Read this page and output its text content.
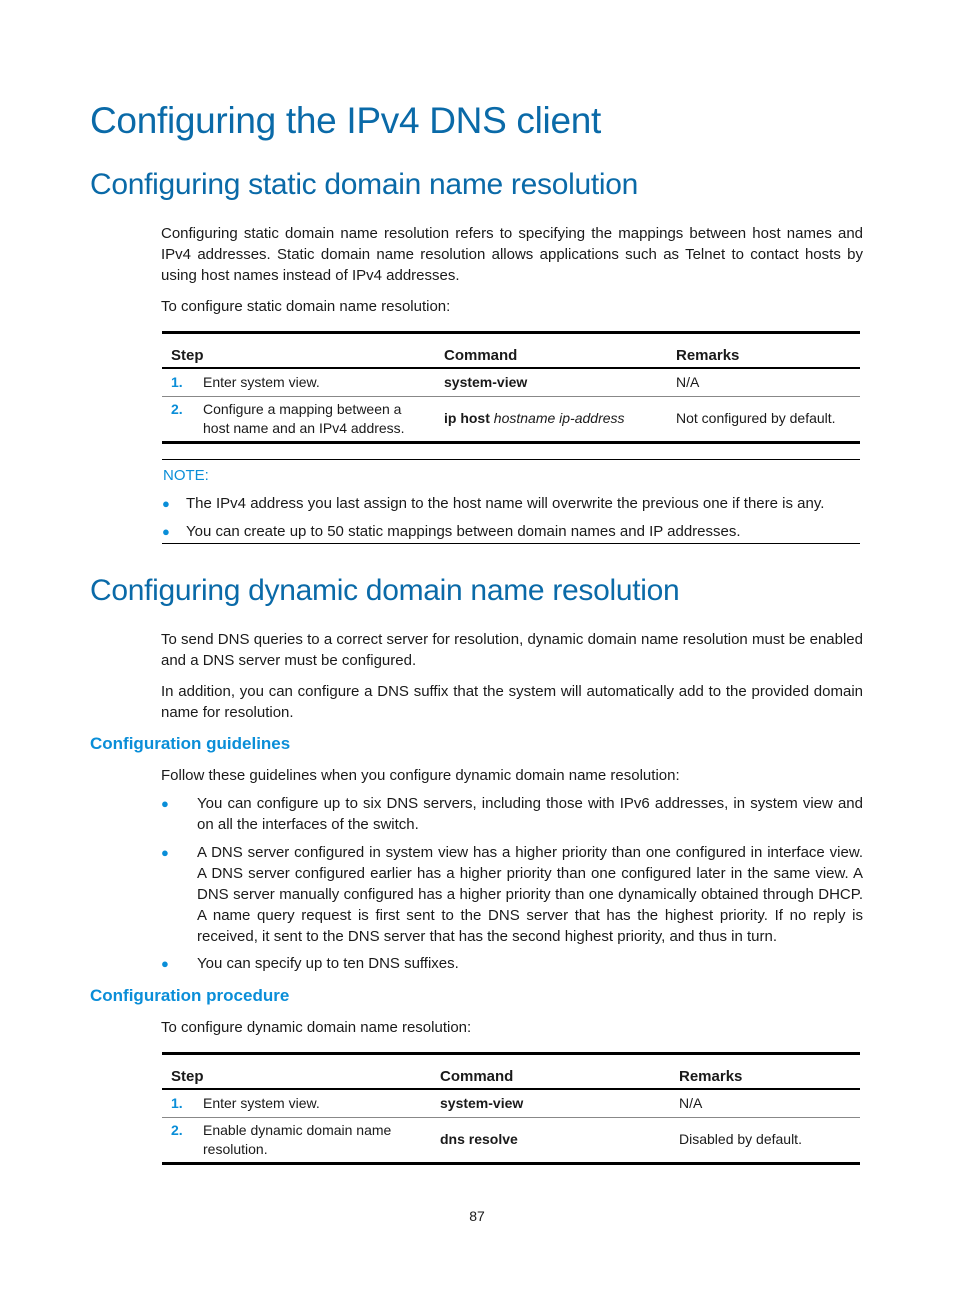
Configuring the IPv4 DNS client
Configuring static domain name resolution
Configuring static domain name resolution refers to specifying the mappings between host names and IPv4 addresses. Static domain name resolution allows applications such as Telnet to contact hosts by using host names instead of IPv4 addresses.
To configure static domain name resolution:
Step	Command	Remarks

1. Enter system view.	system-view	N/A

2. Configure a mapping between a host name and an IPv4 address.	ip host hostname ip-address	Not configured by default.
NOTE:
● The IPv4 address you last assign to the host name will overwrite the previous one if there is any.
● You can create up to 50 static mappings between domain names and IP addresses.
Configuring dynamic domain name resolution
To send DNS queries to a correct server for resolution, dynamic domain name resolution must be enabled and a DNS server must be configured.
In addition, you can configure a DNS suffix that the system will automatically add to the provided domain name for resolution.
Configuration guidelines
Follow these guidelines when you configure dynamic domain name resolution:
● You can configure up to six DNS servers, including those with IPv6 addresses, in system view and on all the interfaces of the switch.
● A DNS server configured in system view has a higher priority than one configured in interface view. A DNS server configured earlier has a higher priority than one configured later in the same view. A DNS server manually configured has a higher priority than one dynamically obtained through DHCP. A name query request is first sent to the DNS server that has the highest priority. If no reply is received, it sent to the DNS server that has the second highest priority, and thus in turn.
● You can specify up to ten DNS suffixes.
Configuration procedure
To configure dynamic domain name resolution:
Step	Command	Remarks

1. Enter system view.	system-view	N/A

2. Enable dynamic domain name resolution.	dns resolve	Disabled by default.
87
